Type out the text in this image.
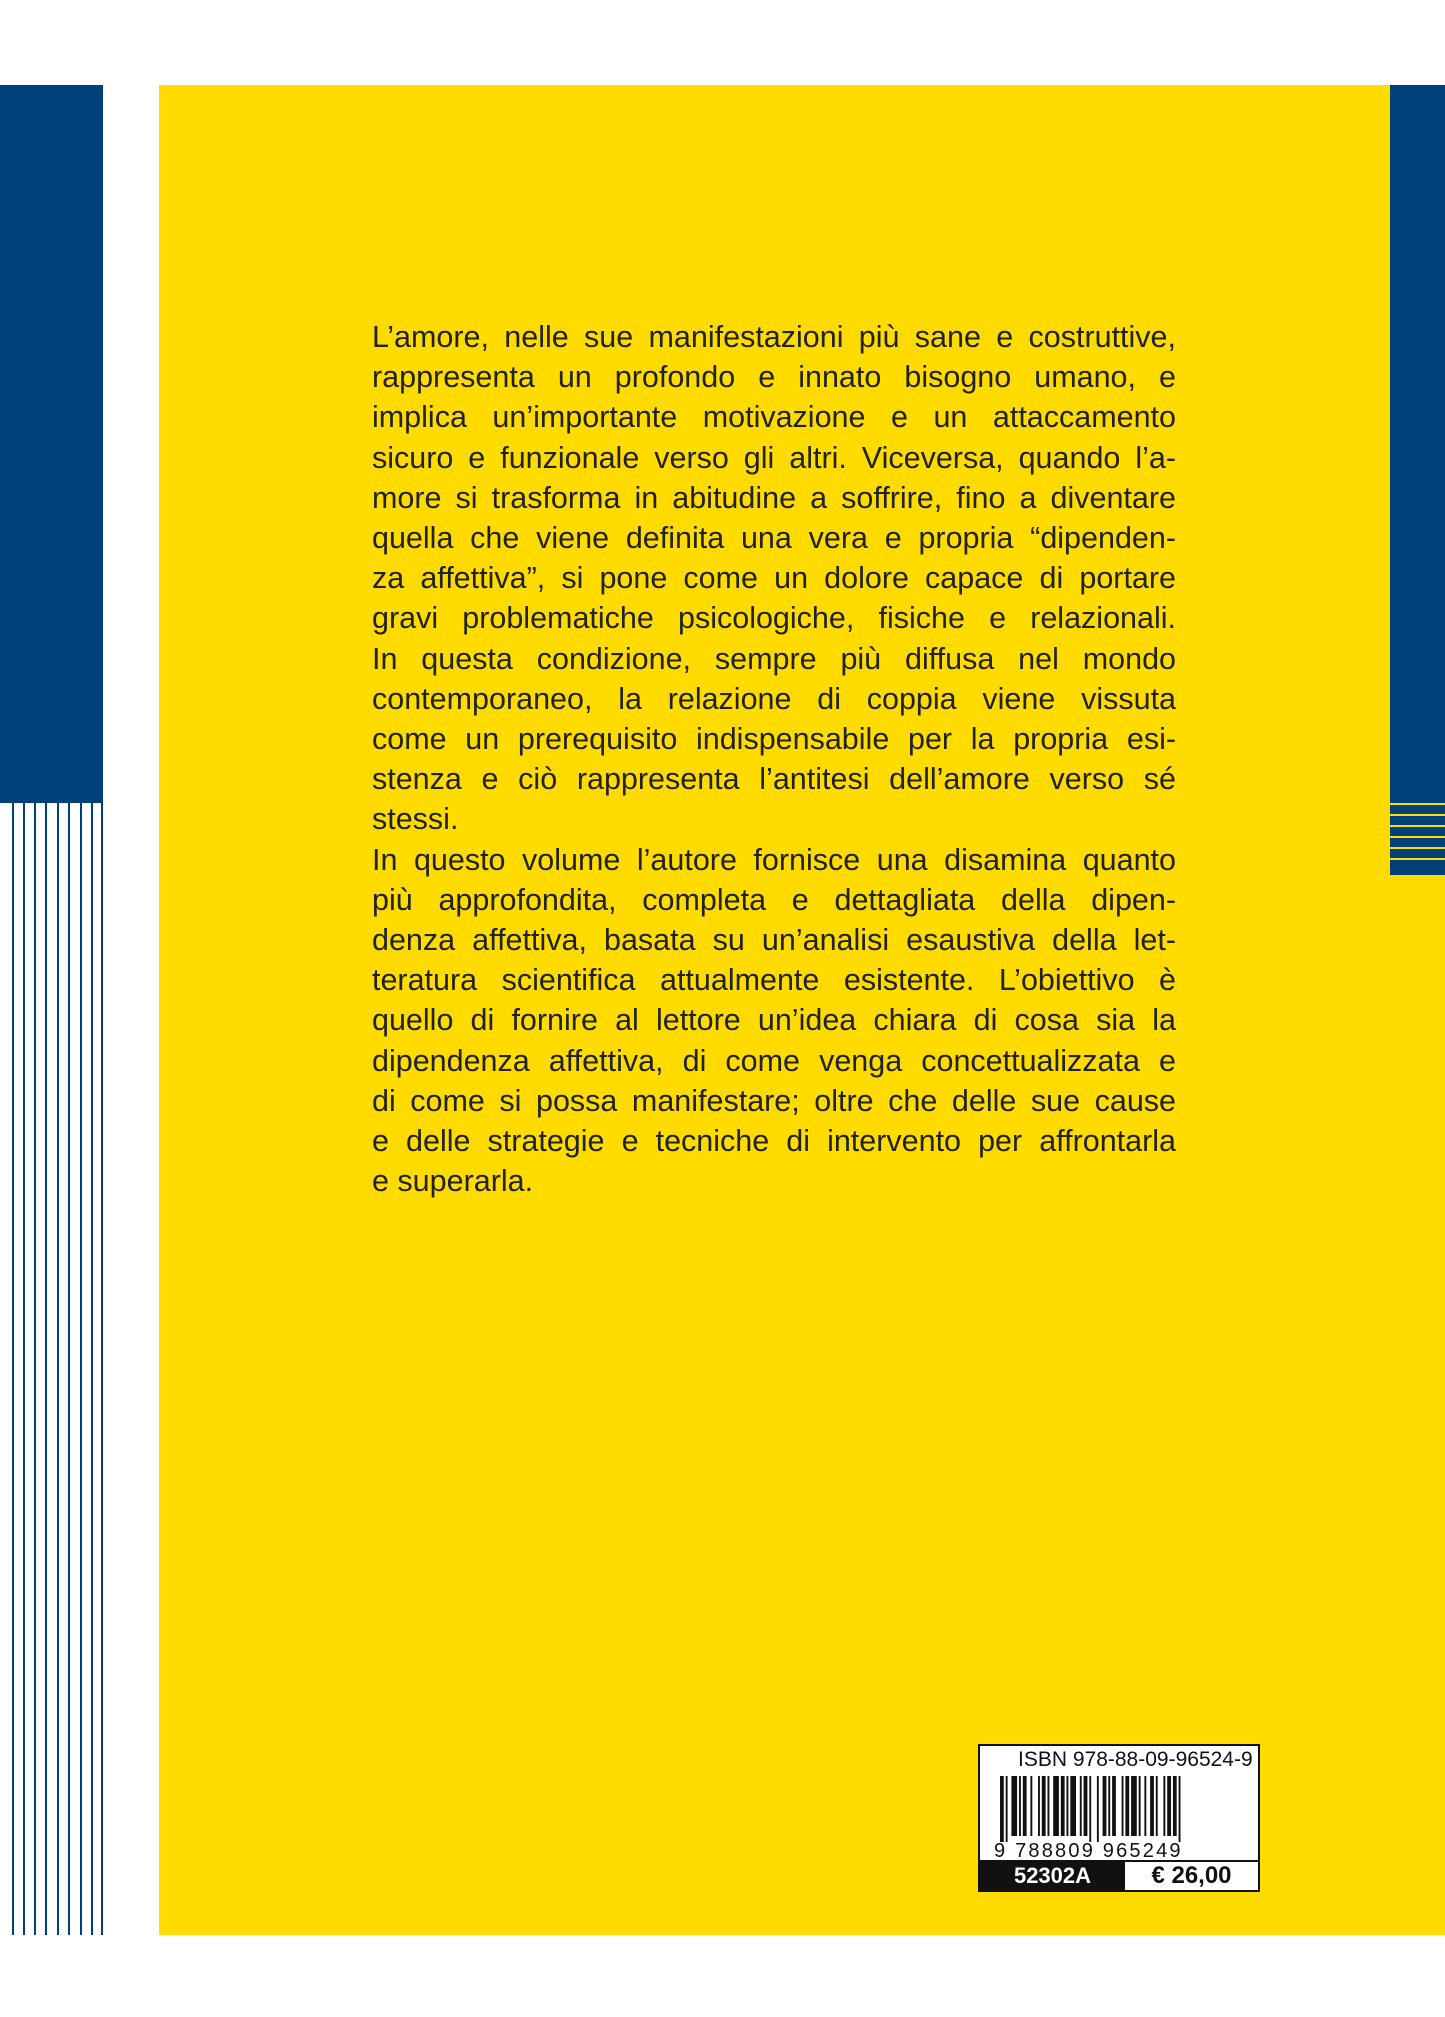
L’amore, nelle sue manifestazioni più sane e costruttive,
rappresenta un profondo e innato bisogno umano, e
implica un’importante motivazione e un attaccamento
sicuro e funzionale verso gli altri. Viceversa, quando l’a-
more si trasforma in abitudine a soffrire, fino a diventare
quella che viene definita una vera e propria “dipenden-
za affettiva”, si pone come un dolore capace di portare
gravi problematiche psicologiche, fisiche e relazionali.
In questa condizione, sempre più diffusa nel mondo
contemporaneo, la relazione di coppia viene vissuta
come un prerequisito indispensabile per la propria esi-
stenza e ciò rappresenta l’antitesi dell’amore verso sé
stessi.

In questo volume l’autore fornisce una disamina quanto
più approfondita, completa e dettagliata della dipen-
denza affettiva, basata su un’analisi esaustiva della let-
teratura scientifica attualmente esistente. L’obiettivo è
quello di fornire al lettore un’idea chiara di cosa sia la
dipendenza affettiva, di come venga concettualizzata e
di come si possa manifestare; oltre che delle sue cause
e delle strategie e tecniche di intervento per affrontarla
e superarla.

ISBN 978-88-09-96524-9
9 788809 965249
52302A	€ 26,00
